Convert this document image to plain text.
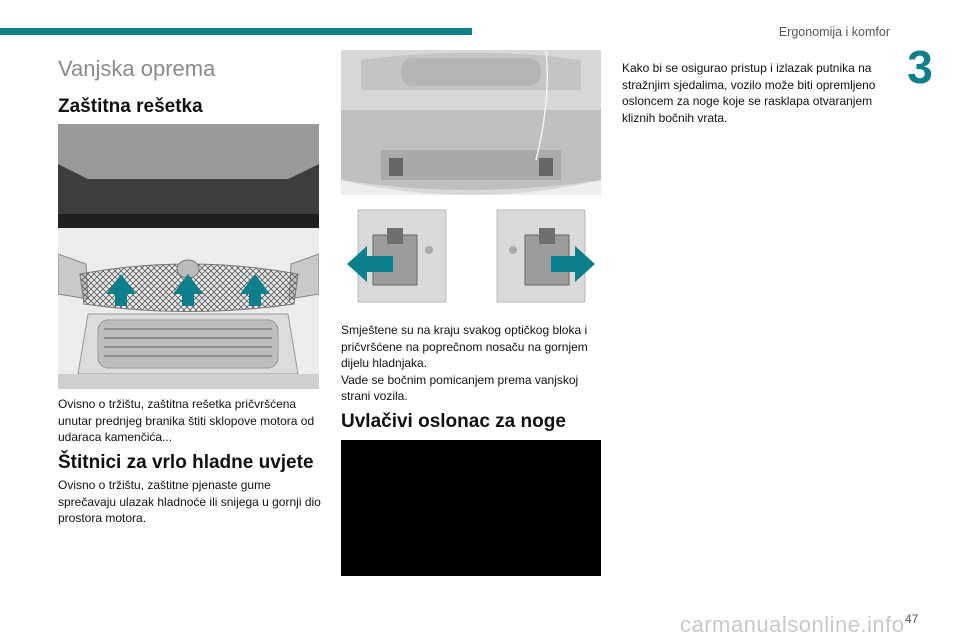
Ergonomija i komfor
3
Vanjska oprema
Zaštitna rešetka
Ovisno o tržištu, zaštitna rešetka pričvršćena unutar prednjeg branika štiti sklopove motora od udaraca kamenčića...
Štitnici za vrlo hladne uvjete
Ovisno o tržištu, zaštitne pjenaste gume sprečavaju ulazak hladnoće ili snijega u gornji dio prostora motora.
Smještene su na kraju svakog optičkog bloka i pričvršćene na poprečnom nosaču na gornjem dijelu hladnjaka.
Vade se bočnim pomicanjem prema vanjskoj strani vozila.
Uvlačivi oslonac za noge
Kako bi se osigurao pristup i izlazak putnika na stražnjim sjedalima, vozilo može biti opremljeno osloncem za noge koje se rasklapa otvaranjem kliznih bočnih vrata.
carmanualsonline.info 47
